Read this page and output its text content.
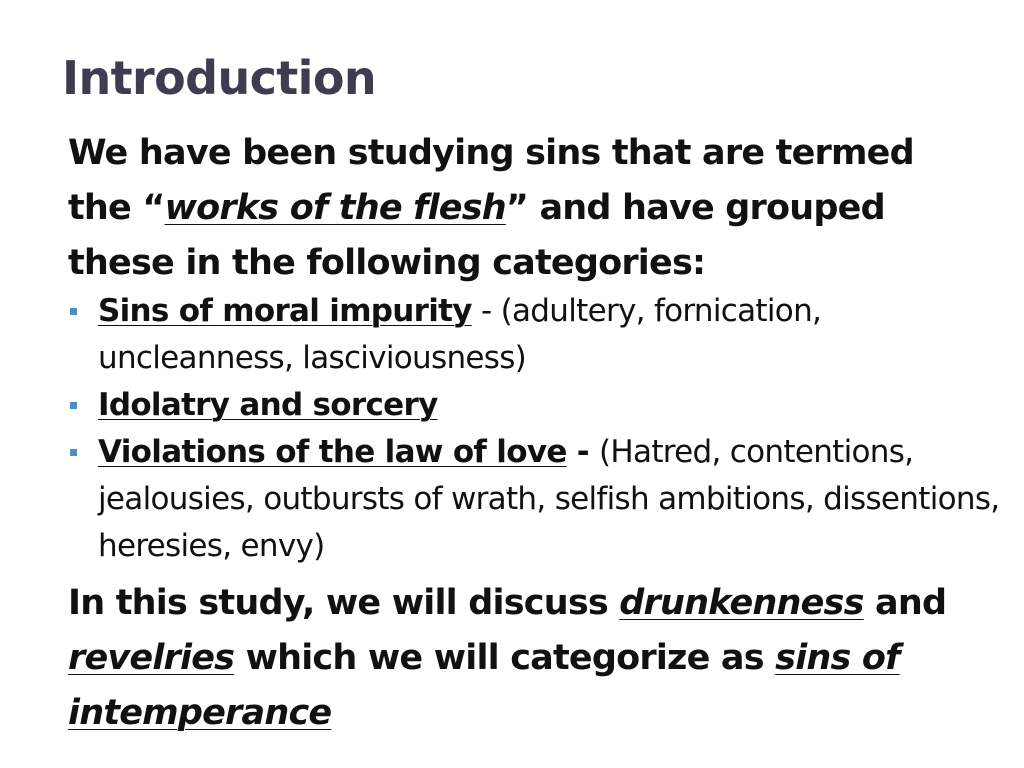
Introduction

We have been studying sins that are termed the “works of the flesh” and have grouped these in the following categories:

Sins of moral impurity - (adultery, fornication, uncleanness, lasciviousness)
Idolatry and sorcery
Violations of the law of love - (Hatred, contentions, jealousies, outbursts of wrath, selfish ambitions, dissentions, heresies, envy)

In this study, we will discuss drunkenness and revelries which we will categorize as sins of intemperance
